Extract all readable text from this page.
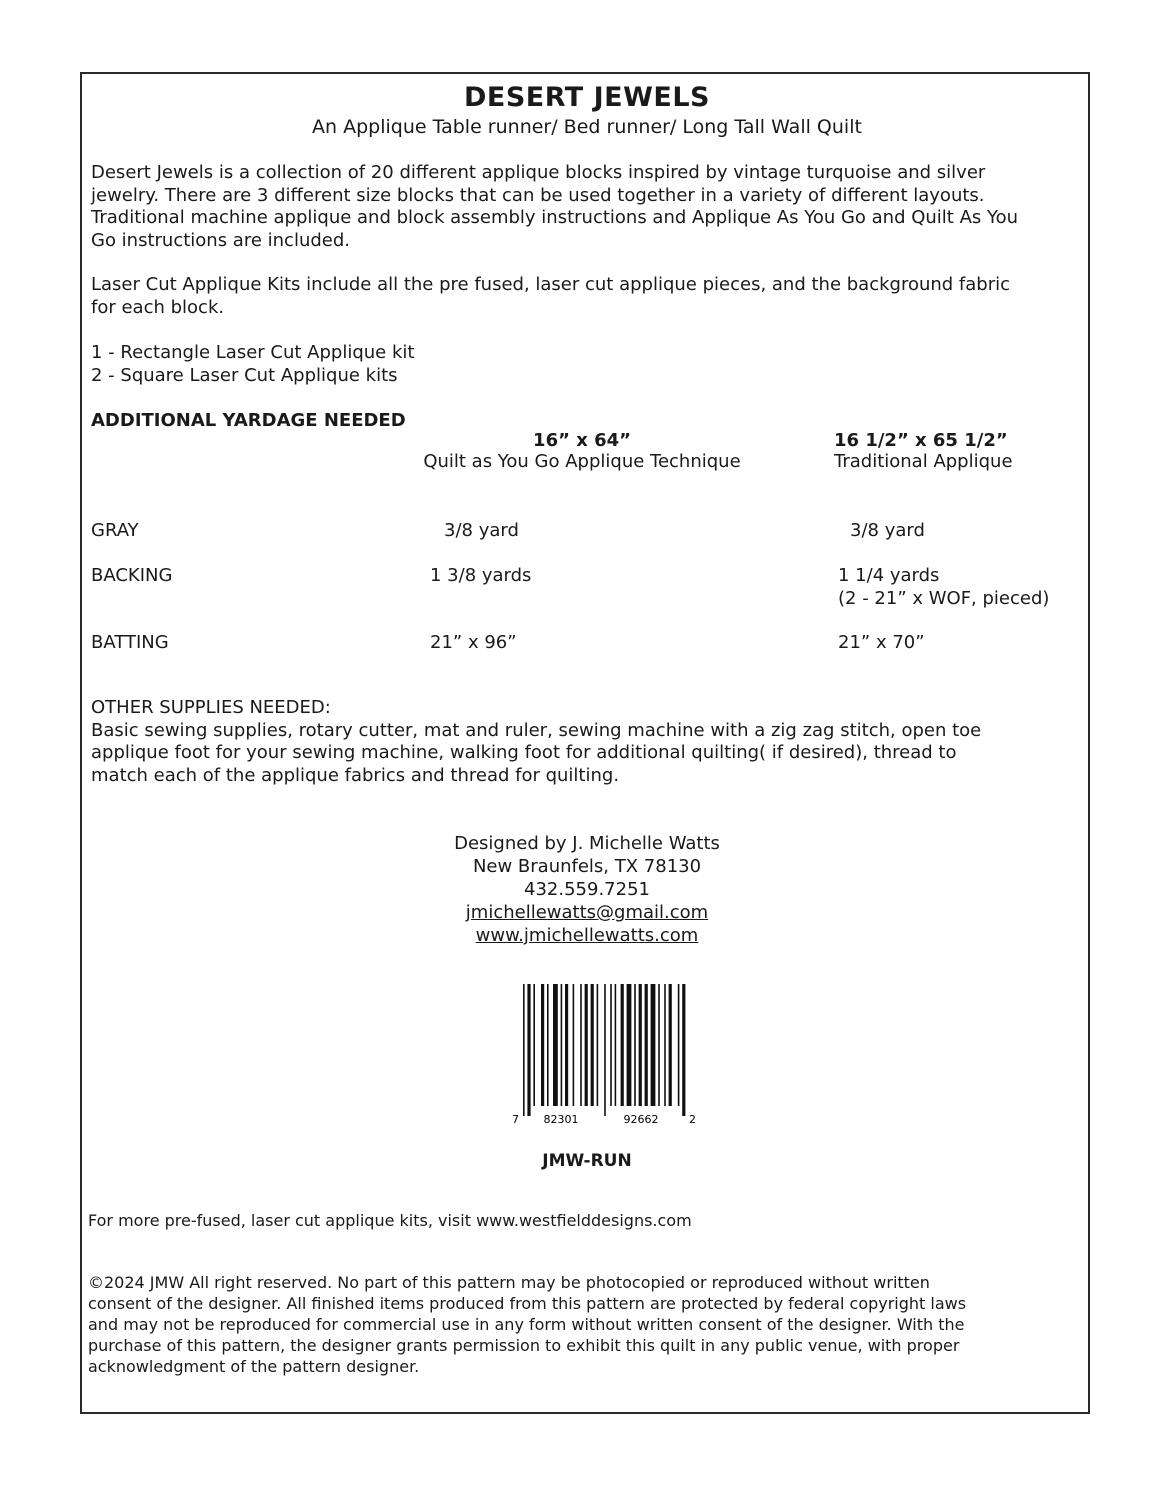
DESERT JEWELS
An Applique Table runner/ Bed runner/ Long Tall Wall Quilt
Desert Jewels is a collection of 20 different applique blocks inspired by vintage turquoise and silver
jewelry. There are 3 different size blocks that can be used together in a variety of different layouts.
Traditional machine applique and block assembly instructions and Applique As You Go and Quilt As You
Go instructions are included.
Laser Cut Applique Kits include all the pre fused, laser cut applique pieces, and the background fabric
for each block.
1 - Rectangle Laser Cut Applique kit
2 - Square Laser Cut Applique kits
ADDITIONAL YARDAGE NEEDED
16” x 64”
Quilt as You Go Applique Technique
16 1/2” x 65 1/2”
Traditional Applique
GRAY	3/8 yard	3/8 yard
BACKING	1 3/8 yards	1 1/4 yards
(2 - 21” x WOF, pieced)
BATTING	21” x 96”	21” x 70”
OTHER SUPPLIES NEEDED:
Basic sewing supplies, rotary cutter, mat and ruler, sewing machine with a zig zag stitch, open toe
applique foot for your sewing machine, walking foot for additional quilting( if desired), thread to
match each of the applique fabrics and thread for quilting.
Designed by J. Michelle Watts
New Braunfels, TX 78130
432.559.7251
jmichellewatts@gmail.com
www.jmichellewatts.com
7 82301	92662	2
JMW-RUN
For more pre-fused, laser cut applique kits, visit www.westfielddesigns.com
©2024 JMW All right reserved. No part of this pattern may be photocopied or reproduced without written
consent of the designer. All finished items produced from this pattern are protected by federal copyright laws
and may not be reproduced for commercial use in any form without written consent of the designer. With the
purchase of this pattern, the designer grants permission to exhibit this quilt in any public venue, with proper
acknowledgment of the pattern designer.
